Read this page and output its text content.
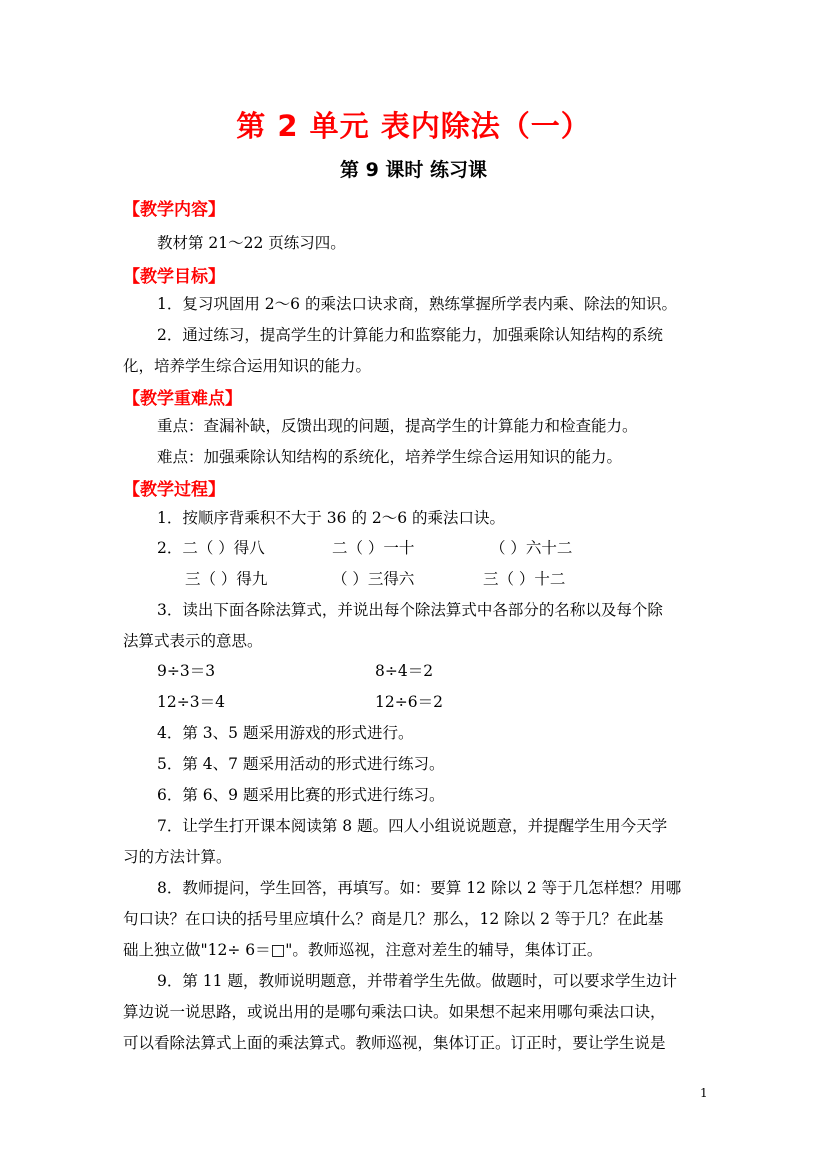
第 2 单元 表内除法（一）
第 9 课时 练习课
【教学内容】
教材第 21～22 页练习四。
【教学目标】
1．复习巩固用 2～6 的乘法口诀求商，熟练掌握所学表内乘、除法的知识。
2．通过练习，提高学生的计算能力和监察能力，加强乘除认知结构的系统
化，培养学生综合运用知识的能力。
【教学重难点】
重点：查漏补缺，反馈出现的问题，提高学生的计算能力和检查能力。
难点：加强乘除认知结构的系统化，培养学生综合运用知识的能力。
【教学过程】
1．按顺序背乘积不大于 36 的 2～6 的乘法口诀。
2．二（ ）得八	二（ ）一十	（ ）六十二
三（ ）得九	（ ）三得六	三（ ）十二
3．读出下面各除法算式，并说出每个除法算式中各部分的名称以及每个除
法算式表示的意思。
9÷3＝3	8÷4＝2
12÷3＝4	12÷6＝2
4．第 3、5 题采用游戏的形式进行。
5．第 4、7 题采用活动的形式进行练习。
6．第 6、9 题采用比赛的形式进行练习。
7．让学生打开课本阅读第 8 题。四人小组说说题意，并提醒学生用今天学
习的方法计算。
8．教师提问，学生回答，再填写。如：要算 12 除以 2 等于几怎样想？用哪
句口诀？在口诀的括号里应填什么？商是几？那么，12 除以 2 等于几？在此基
础上独立做"12÷ 6＝□"。教师巡视，注意对差生的辅导，集体订正。
9．第 11 题，教师说明题意，并带着学生先做。做题时，可以要求学生边计
算边说一说思路，或说出用的是哪句乘法口诀。如果想不起来用哪句乘法口诀，
可以看除法算式上面的乘法算式。教师巡视，集体订正。订正时，要让学生说是
1
